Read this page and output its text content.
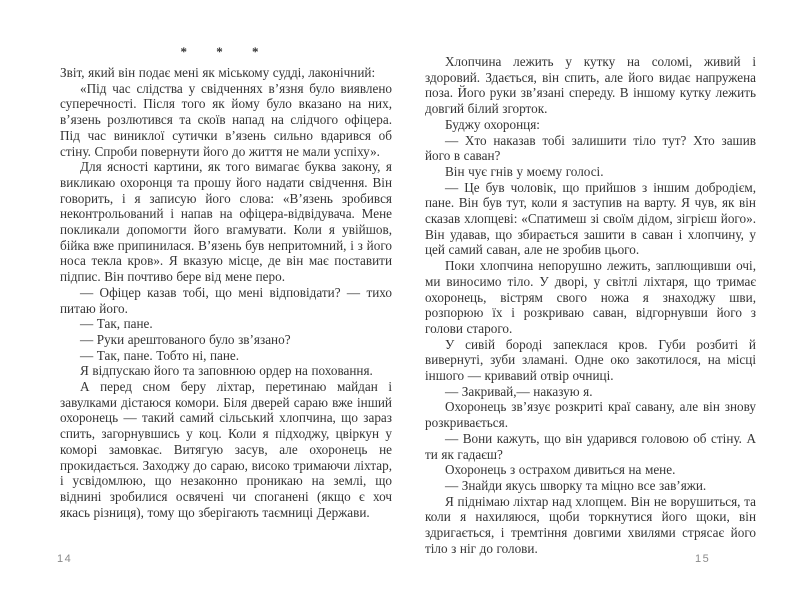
* * *

Звіт, який він подає мені як міському судді, лаконічний:

«Під час слідства у свідченнях в’язня було виявлено суперечності. Після того як йому було вказано на них, в’язень розлютився та скоїв напад на слідчого офіцера. Під час виниклої сутички в’язень сильно вдарився об стіну. Спроби повернути його до життя не мали успіху».

Для ясності картини, як того вимагає буква закону, я викликаю охоронця та прошу його надати свідчення. Він говорить, і я записую його слова: «В’язень зробився неконтрольований і напав на офіцера-відвідувача. Мене покликали допомогти його вгамувати. Коли я увійшов, бійка вже припинилася. В’язень був непритомний, і з його носа текла кров». Я вказую місце, де він має поставити підпис. Він почтиво бере від мене перо.

— Офіцер казав тобі, що мені відповідати? — тихо питаю його.

— Так, пане.

— Руки арештованого було зв’язано?

— Так, пане. Тобто ні, пане.

Я відпускаю його та заповнюю ордер на поховання.

А перед сном беру ліхтар, перетинаю майдан і завулками дістаюся комори. Біля дверей сараю вже інший охоронець — такий самий сільський хлопчина, що зараз спить, загорнувшись у коц. Коли я підходжу, цвіркун у коморі замовкає. Витягую засув, але охоронець не прокидається. Заходжу до сараю, високо тримаючи ліхтар, і усвідомлюю, що незаконно проникаю на землі, що віднині зробилися освячені чи споганені (якщо є хоч якась різниця), тому що зберігають таємниці Держави.

Хлопчина лежить у кутку на соломі, живий і здоровий. Здається, він спить, але його видає напружена поза. Його руки зв’язані спереду. В іншому кутку лежить довгий білий згорток.

Буджу охоронця:

— Хто наказав тобі залишити тіло тут? Хто зашив його в саван?

Він чує гнів у моєму голосі.

— Це був чоловік, що прийшов з іншим добродієм, пане. Він був тут, коли я заступив на варту. Я чув, як він сказав хлопцеві: «Спатимеш зі своїм дідом, зігрієш його». Він удавав, що збирається зашити в саван і хлопчину, у цей самий саван, але не зробив цього.

Поки хлопчина непорушно лежить, заплющивши очі, ми виносимо тіло. У дворі, у світлі ліхтаря, що тримає охоронець, вістрям свого ножа я знаходжу шви, розпорюю їх і розкриваю саван, відгорнувши його з голови старого.

У сивій бороді запеклася кров. Губи розбиті й вивернуті, зуби зламані. Одне око закотилося, на місці іншого — кривавий отвір очниці.

— Закривай,— наказую я.

Охоронець зв’язує розкриті краї савану, але він знову розкривається.

— Вони кажуть, що він ударився головою об стіну. А ти як гадаєш?

Охоронець з острахом дивиться на мене.

— Знайди якусь шворку та міцно все зав’яжи.

Я піднімаю ліхтар над хлопцем. Він не ворушиться, та коли я нахиляюся, щоби торкнутися його щоки, він здригається, і тремтіння довгими хвилями стрясає його тіло з ніг до голови.

14	15
